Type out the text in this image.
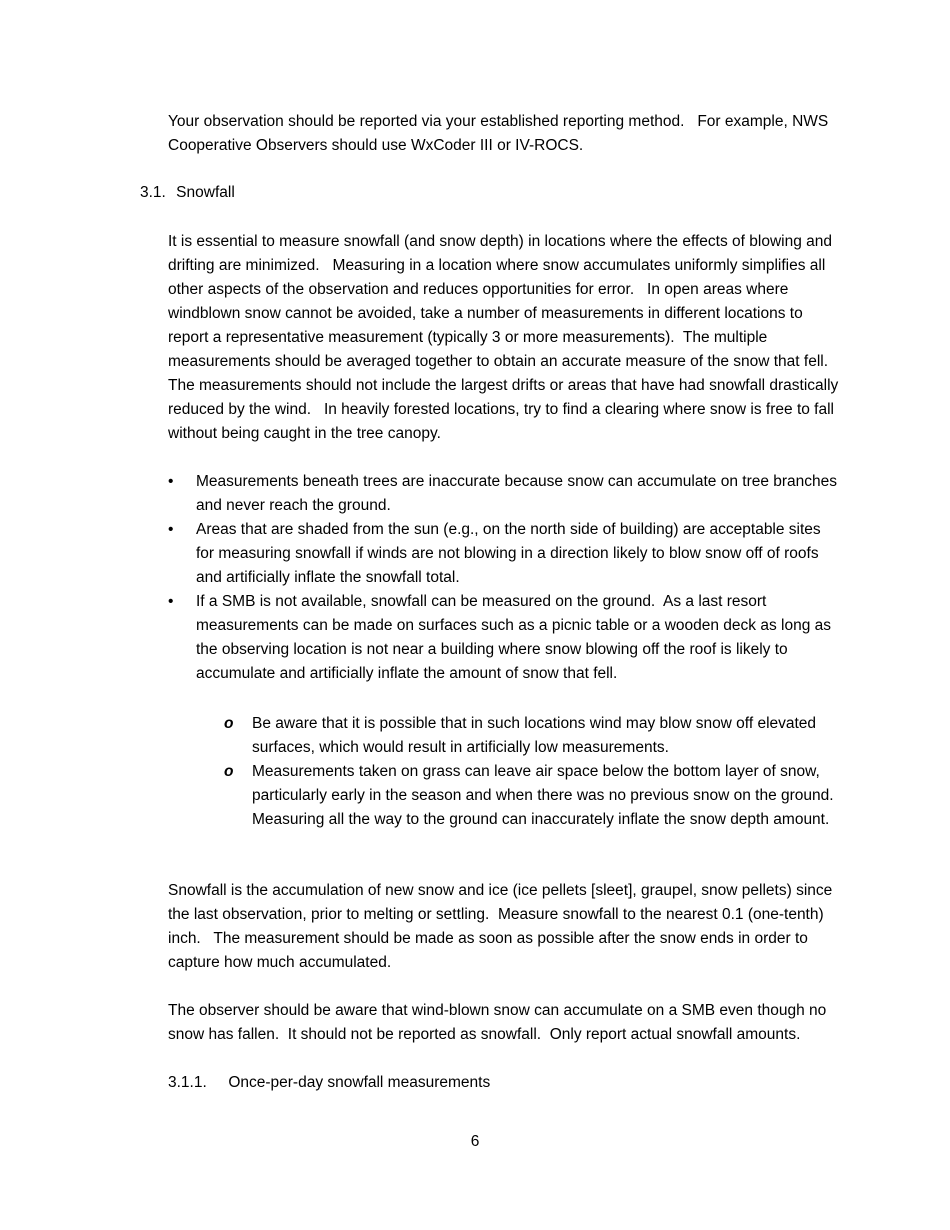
Your observation should be reported via your established reporting method.   For example, NWS Cooperative Observers should use WxCoder III or IV-ROCS.

3.1. Snowfall

It is essential to measure snowfall (and snow depth) in locations where the effects of blowing and drifting are minimized.   Measuring in a location where snow accumulates uniformly simplifies all other aspects of the observation and reduces opportunities for error.   In open areas where windblown snow cannot be avoided, take a number of measurements in different locations to report a representative measurement (typically 3 or more measurements).  The multiple measurements should be averaged together to obtain an accurate measure of the snow that fell.  The measurements should not include the largest drifts or areas that have had snowfall drastically reduced by the wind.   In heavily forested locations, try to find a clearing where snow is free to fall without being caught in the tree canopy.

•	Measurements beneath trees are inaccurate because snow can accumulate on tree branches and never reach the ground.
•	Areas that are shaded from the sun (e.g., on the north side of building) are acceptable sites for measuring snowfall if winds are not blowing in a direction likely to blow snow off of roofs and artificially inflate the snowfall total.
•	If a SMB is not available, snowfall can be measured on the ground.  As a last resort measurements can be made on surfaces such as a picnic table or a wooden deck as long as the observing location is not near a building where snow blowing off the roof is likely to accumulate and artificially inflate the amount of snow that fell.
o Be aware that it is possible that in such locations wind may blow snow off elevated surfaces, which would result in artificially low measurements.
o Measurements taken on grass can leave air space below the bottom layer of snow, particularly early in the season and when there was no previous snow on the ground.  Measuring all the way to the ground can inaccurately inflate the snow depth amount.

Snowfall is the accumulation of new snow and ice (ice pellets [sleet], graupel, snow pellets) since the last observation, prior to melting or settling.  Measure snowfall to the nearest 0.1 (one-tenth) inch.   The measurement should be made as soon as possible after the snow ends in order to capture how much accumulated.

The observer should be aware that wind-blown snow can accumulate on a SMB even though no snow has fallen.  It should not be reported as snowfall.  Only report actual snowfall amounts.

3.1.1. Once-per-day snowfall measurements
6
